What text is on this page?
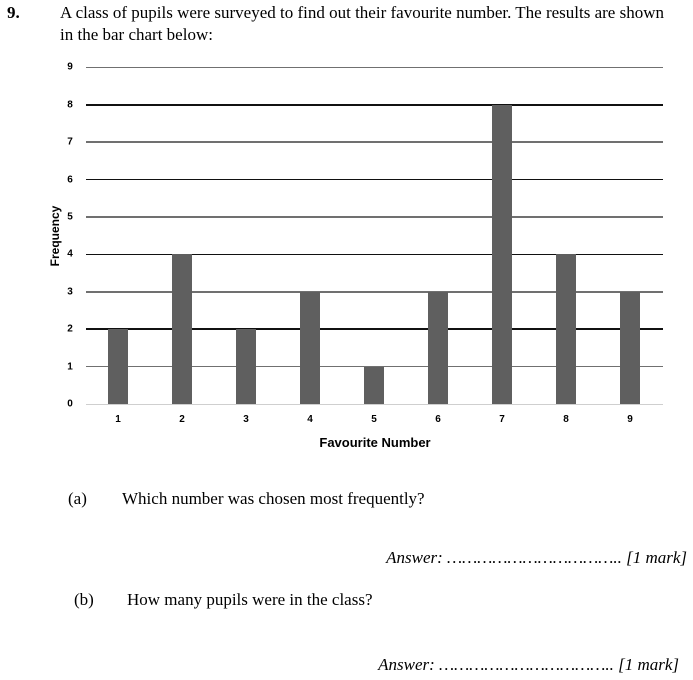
9. A class of pupils were surveyed to find out their favourite number. The results are shown in the bar chart below:
0
1
2
3
4
5
6
7
8
9
1	2	3	4	5	6	7	8	9
Frequency
Favourite Number
(a) Which number was chosen most frequently?
Answer: …………………………….. [1 mark]
(b) How many pupils were in the class?
Answer: …………………………….. [1 mark]
